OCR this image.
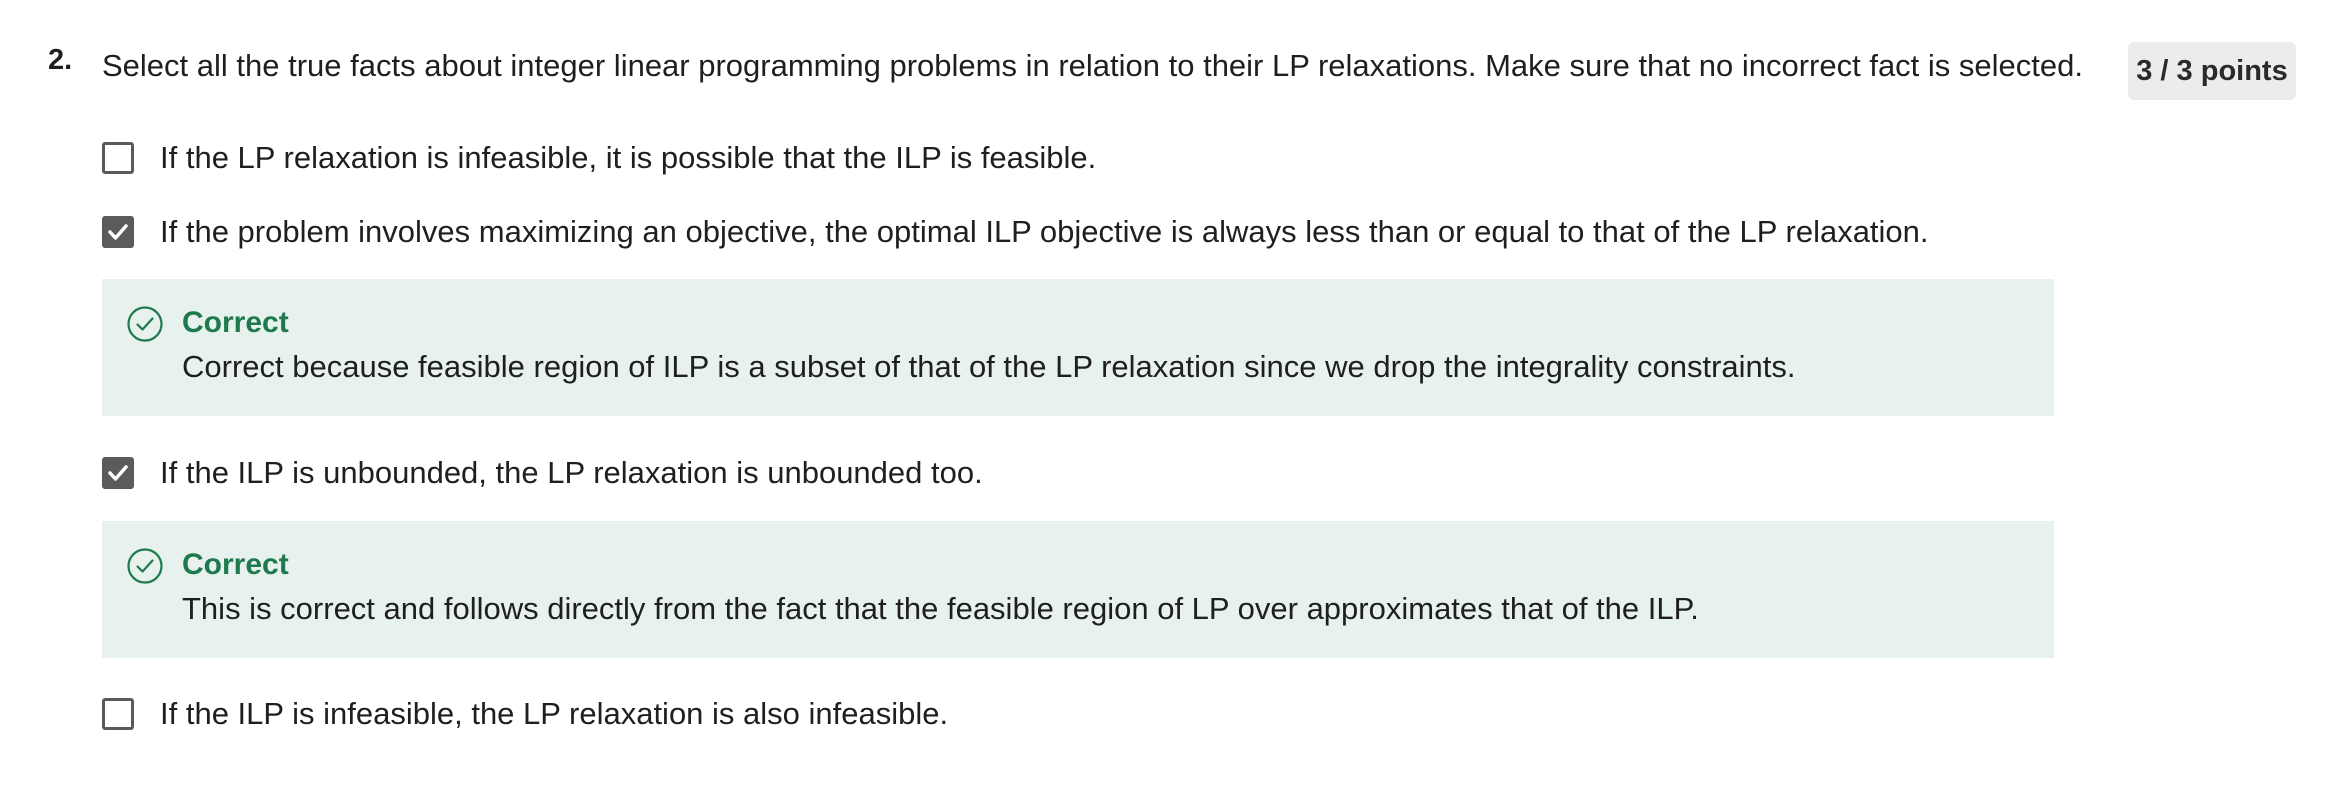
2. Select all the true facts about integer linear programming problems in relation to their LP relaxations. Make sure that no incorrect fact is selected. 3 / 3 points
If the LP relaxation is infeasible, it is possible that the ILP is feasible.
If the problem involves maximizing an objective, the optimal ILP objective is always less than or equal to that of the LP relaxation.
Correct
Correct because feasible region of ILP is a subset of that of the LP relaxation since we drop the integrality constraints.
If the ILP is unbounded, the LP relaxation is unbounded too.
Correct
This is correct and follows directly from the fact that the feasible region of LP over approximates that of the ILP.
If the ILP is infeasible, the LP relaxation is also infeasible.
